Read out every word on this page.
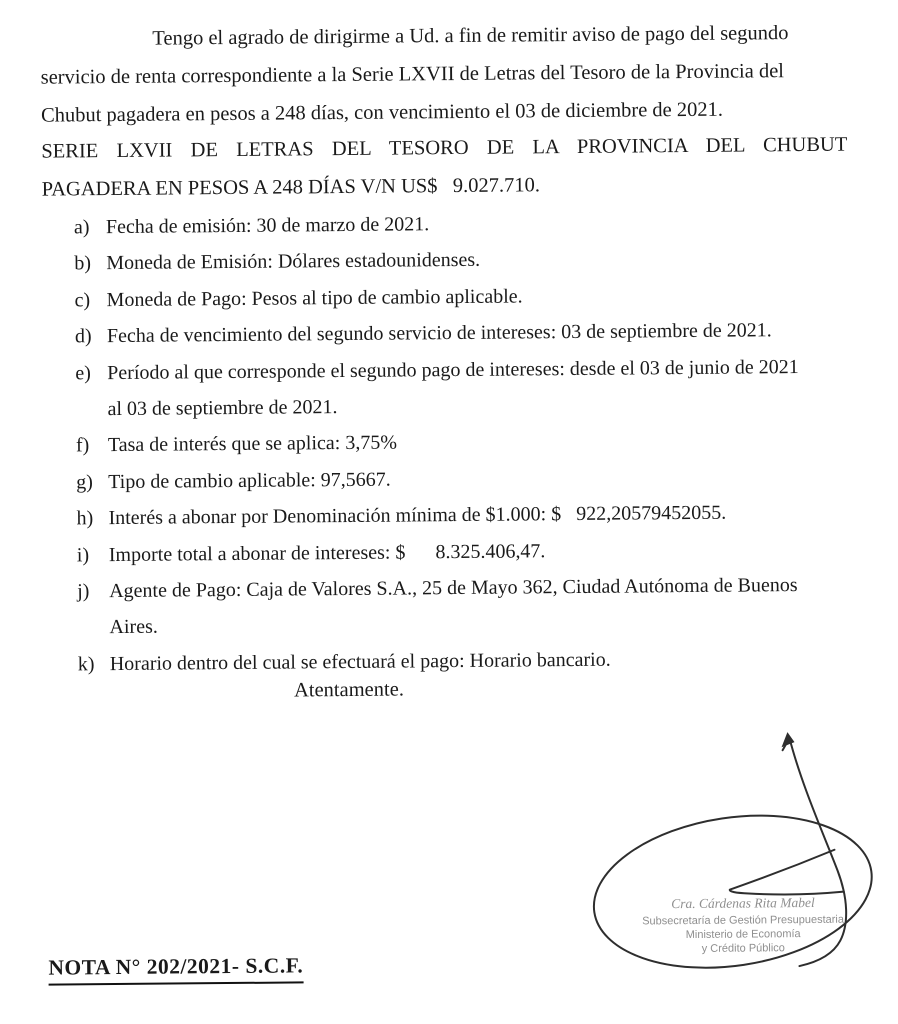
Tengo el agrado de dirigirme a Ud. a fin de remitir aviso de pago del segundo
servicio de renta correspondiente a la Serie LXVII de Letras del Tesoro de la Provincia del
Chubut pagadera en pesos a 248 días, con vencimiento el 03 de diciembre de 2021.
SERIE LXVII DE LETRAS DEL TESORO DE LA PROVINCIA DEL CHUBUT
PAGADERA EN PESOS A 248 DÍAS V/N US$   9.027.710.
a) Fecha de emisión: 30 de marzo de 2021.
b) Moneda de Emisión: Dólares estadounidenses.
c) Moneda de Pago: Pesos al tipo de cambio aplicable.
d) Fecha de vencimiento del segundo servicio de intereses: 03 de septiembre de 2021.
e) Período al que corresponde el segundo pago de intereses: desde el 03 de junio de 2021
al 03 de septiembre de 2021.
f) Tasa de interés que se aplica: 3,75%
g) Tipo de cambio aplicable: 97,5667.
h) Interés a abonar por Denominación mínima de $1.000: $   922,20579452055.
i) Importe total a abonar de intereses: $      8.325.406,47.
j) Agente de Pago: Caja de Valores S.A., 25 de Mayo 362, Ciudad Autónoma de Buenos
Aires.
k) Horario dentro del cual se efectuará el pago: Horario bancario.
Atentamente.
Cra. Cárdenas Rita Mabel
Subsecretaría de Gestión Presupuestaria
Ministerio de Economía
y Crédito Público
NOTA N° 202/2021- S.C.F.
